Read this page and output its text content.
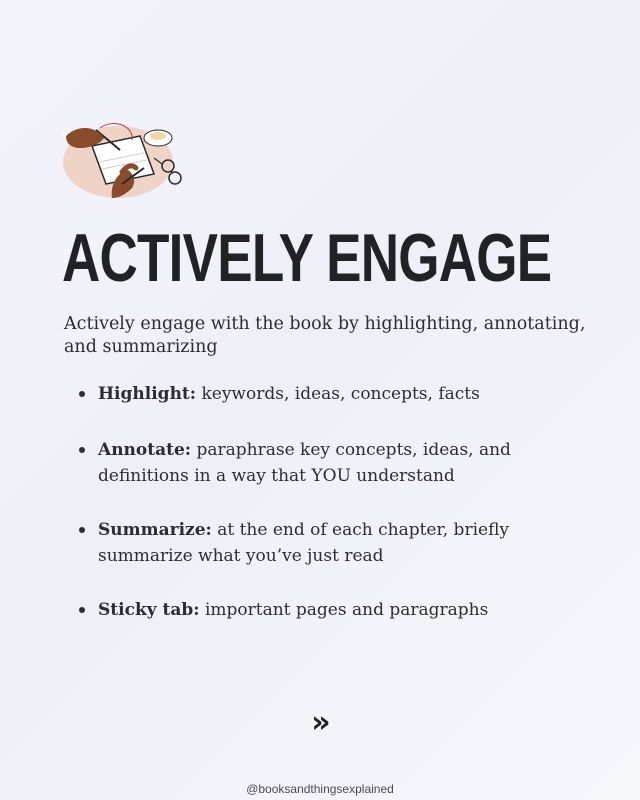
ACTIVELY ENGAGE

Actively engage with the book by highlighting, annotating, and summarizing

Highlight: keywords, ideas, concepts, facts
Annotate: paraphrase key concepts, ideas, and definitions in a way that YOU understand
Summarize: at the end of each chapter, briefly summarize what you’ve just read
Sticky tab: important pages and paragraphs
»
@booksandthingsexplained
